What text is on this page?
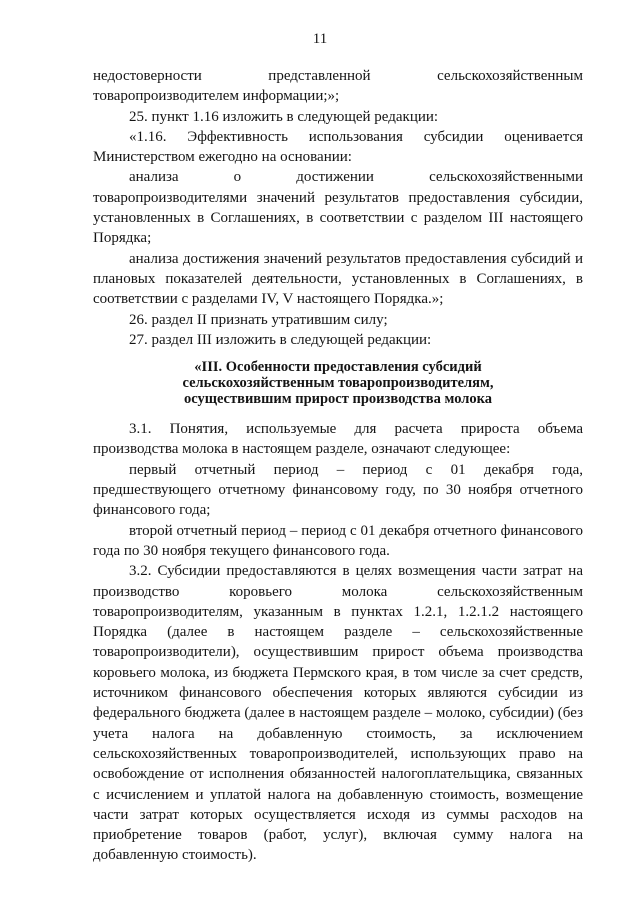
11

недостоверности представленной сельскохозяйственным товаропроизводителем информации;»;

25. пункт 1.16 изложить в следующей редакции:

«1.16. Эффективность использования субсидии оценивается Министерством ежегодно на основании:

анализа о достижении сельскохозяйственными товаропроизводителями значений результатов предоставления субсидии, установленных в Соглашениях, в соответствии с разделом III настоящего Порядка;

анализа достижения значений результатов предоставления субсидий и плановых показателей деятельности, установленных в Соглашениях, в соответствии с разделами IV, V настоящего Порядка.»;

26. раздел II признать утратившим силу;

27. раздел III изложить в следующей редакции:

«III. Особенности предоставления субсидий
сельскохозяйственным товаропроизводителям,
осуществившим прирост производства молока

3.1. Понятия, используемые для расчета прироста объема производства молока в настоящем разделе, означают следующее:

первый отчетный период – период с 01 декабря года, предшествующего отчетному финансовому году, по 30 ноября отчетного финансового года;

второй отчетный период – период с 01 декабря отчетного финансового года по 30 ноября текущего финансового года.

3.2. Субсидии предоставляются в целях возмещения части затрат на производство коровьего молока сельскохозяйственным товаропроизводителям, указанным в пунктах 1.2.1, 1.2.1.2 настоящего Порядка (далее в настоящем разделе – сельскохозяйственные товаропроизводители), осуществившим прирост объема производства коровьего молока, из бюджета Пермского края, в том числе за счет средств, источником финансового обеспечения которых являются субсидии из федерального бюджета (далее в настоящем разделе – молоко, субсидии) (без учета налога на добавленную стоимость, за исключением сельскохозяйственных товаропроизводителей, использующих право на освобождение от исполнения обязанностей налогоплательщика, связанных с исчислением и уплатой налога на добавленную стоимость, возмещение части затрат которых осуществляется исходя из суммы расходов на приобретение товаров (работ, услуг), включая сумму налога на добавленную стоимость).
